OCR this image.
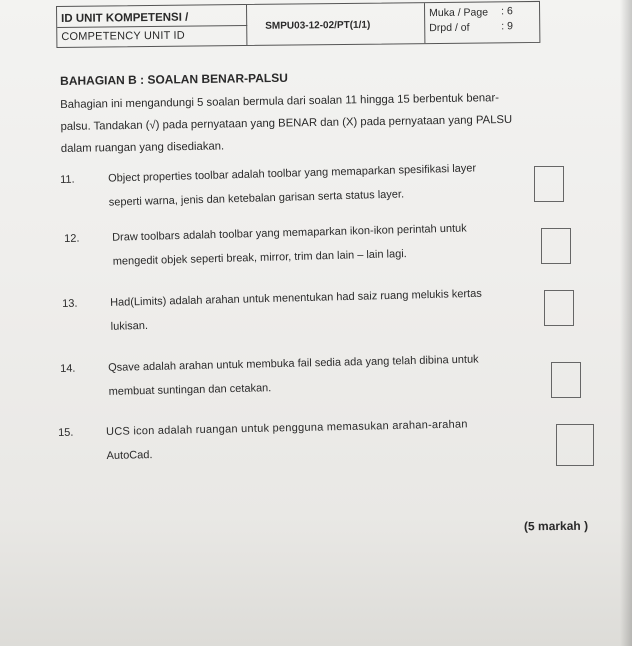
ID UNIT KOMPETENSI /
COMPETENCY UNIT ID
SMPU03-12-02/PT(1/1)
Muka / Page : 6
Drpd / of	: 9
BAHAGIAN B : SOALAN BENAR-PALSU
Bahagian ini mengandungi 5 soalan bermula dari soalan 11 hingga 15 berbentuk benar-
palsu. Tandakan (√) pada pernyataan yang BENAR dan (X) pada pernyataan yang PALSU
dalam ruangan yang disediakan.
11.	Object properties toolbar adalah toolbar yang memaparkan spesifikasi layer
seperti warna, jenis dan ketebalan garisan serta status layer.
12.	Draw toolbars adalah toolbar yang memaparkan ikon-ikon perintah untuk
mengedit objek seperti break, mirror, trim dan lain – lain lagi.
13.	Had(Limits) adalah arahan untuk menentukan had saiz ruang melukis kertas
lukisan.
14.	Qsave adalah arahan untuk membuka fail sedia ada yang telah dibina untuk
membuat suntingan dan cetakan.
15.	UCS icon adalah ruangan untuk pengguna memasukan arahan-arahan
AutoCad.
(5 markah )
